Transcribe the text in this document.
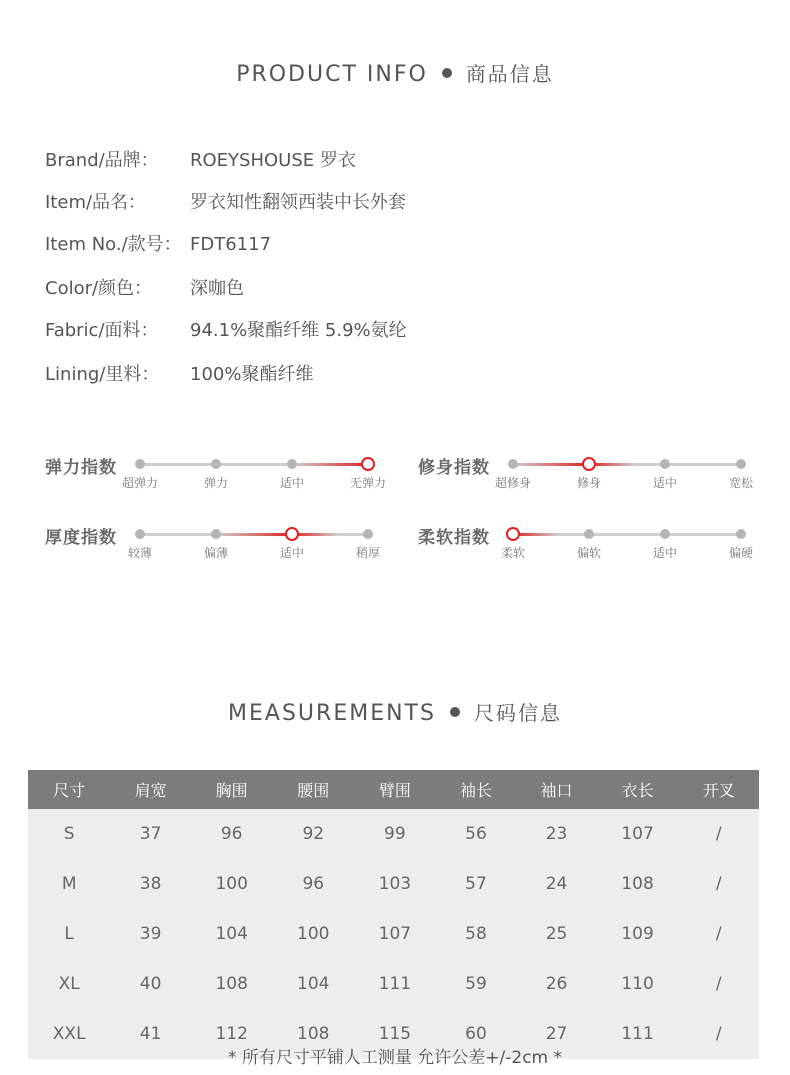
PRODUCT INFO 商品信息
Brand/品牌： ROEYSHOUSE 罗衣
Item/品名： 罗衣知性翻领西装中长外套
Item No./款号： FDT6117
Color/颜色： 深咖色
Fabric/面料： 94.1%聚酯纤维 5.9%氨纶
Lining/里料： 100%聚酯纤维
弹力指数
超弹力	弹力	适中	无弹力
修身指数
超修身	修身	适中	宽松
厚度指数
较薄	偏薄	适中	稍厚
柔软指数
柔软	偏软	适中	偏硬
MEASUREMENTS 尺码信息
尺寸	肩宽	胸围	腰围	臂围	袖长	袖口	衣长	开叉
S	37	96	92	99	56	23	107	/
M	38	100	96	103	57	24	108	/
L	39	104	100	107	58	25	109	/
XL	40	108	104	111	59	26	110	/
XXL	41	112	108	115	60	27	111	/
* 所有尺寸平铺人工测量 允许公差+/-2cm *
